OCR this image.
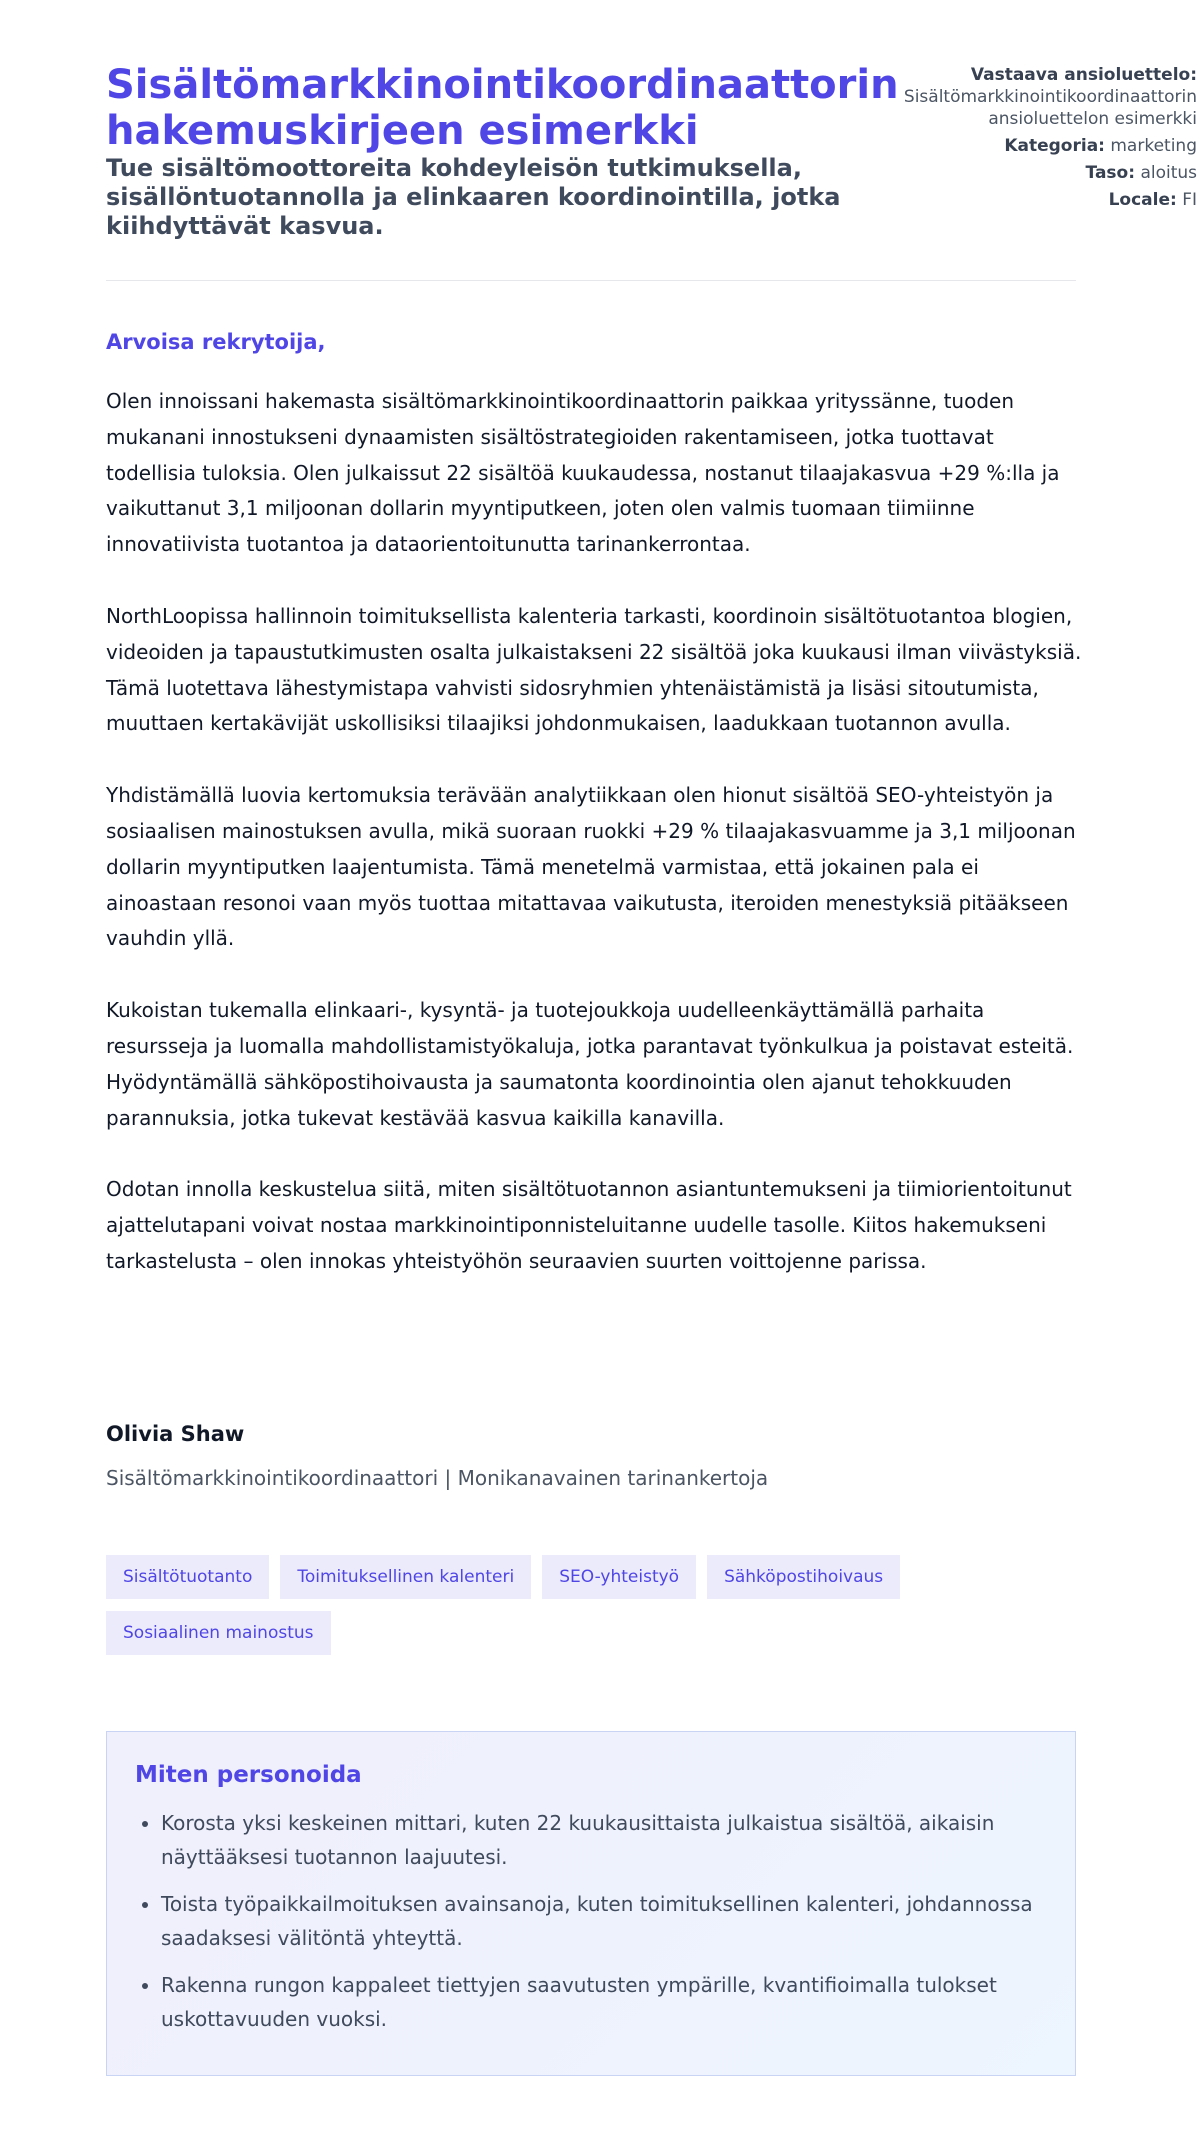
Sisältömarkkinointikoordinaattorin hakemuskirjeen esimerkki

Tue sisältömoottoreita kohdeyleisön tutkimuksella, sisällöntuotannolla ja elinkaaren koordinointilla, jotka kiihdyttävät kasvua.

Vastaava ansioluettelo:
Sisältömarkkinointikoordinaattorin ansioluettelon esimerkki
Kategoria: marketing
Taso: aloitus
Locale: FI

Arvoisa rekrytoija,

Olen innoissani hakemasta sisältömarkkinointikoordinaattorin paikkaa yrityssänne, tuoden mukanani innostukseni dynaamisten sisältöstrategioiden rakentamiseen, jotka tuottavat todellisia tuloksia. Olen julkaissut 22 sisältöä kuukaudessa, nostanut tilaajakasvua +29 %:lla ja vaikuttanut 3,1 miljoonan dollarin myyntiputkeen, joten olen valmis tuomaan tiimiinne innovatiivista tuotantoa ja dataorientoitunutta tarinankerrontaa.

NorthLoopissa hallinnoin toimituksellista kalenteria tarkasti, koordinoin sisältötuotantoa blogien, videoiden ja tapaustutkimusten osalta julkaistakseni 22 sisältöä joka kuukausi ilman viivästyksiä. Tämä luotettava lähestymistapa vahvisti sidosryhmien yhtenäistämistä ja lisäsi sitoutumista, muuttaen kertakävijät uskollisiksi tilaajiksi johdonmukaisen, laadukkaan tuotannon avulla.

Yhdistämällä luovia kertomuksia terävään analytiikkaan olen hionut sisältöä SEO-yhteistyön ja sosiaalisen mainostuksen avulla, mikä suoraan ruokki +29 % tilaajakasvuamme ja 3,1 miljoonan dollarin myyntiputken laajentumista. Tämä menetelmä varmistaa, että jokainen pala ei ainoastaan resonoi vaan myös tuottaa mitattavaa vaikutusta, iteroiden menestyksiä pitääkseen vauhdin yllä.

Kukoistan tukemalla elinkaari-, kysyntä- ja tuotejoukkoja uudelleenkäyttämällä parhaita resursseja ja luomalla mahdollistamistyökaluja, jotka parantavat työnkulkua ja poistavat esteitä. Hyödyntämällä sähköpostihoivausta ja saumatonta koordinointia olen ajanut tehokkuuden parannuksia, jotka tukevat kestävää kasvua kaikilla kanavilla.

Odotan innolla keskustelua siitä, miten sisältötuotannon asiantuntemukseni ja tiimiorientoitunut ajattelutapani voivat nostaa markkinointiponnisteluitanne uudelle tasolle. Kiitos hakemukseni tarkastelusta – olen innokas yhteistyöhön seuraavien suurten voittojenne parissa.

Olivia Shaw
Sisältömarkkinointikoordinaattori | Monikanavainen tarinankertoja
Sisältötuotanto	Toimituksellinen kalenteri	SEO-yhteistyö	Sähköpostihoivaus
Sosiaalinen mainostus
Miten personoida
• Korosta yksi keskeinen mittari, kuten 22 kuukausittaista julkaistua sisältöä, aikaisin näyttääksesi tuotannon laajuutesi.
• Toista työpaikkailmoituksen avainsanoja, kuten toimituksellinen kalenteri, johdannossa saadaksesi välitöntä yhteyttä.
• Rakenna rungon kappaleet tiettyjen saavutusten ympärille, kvantifioimalla tulokset uskottavuuden vuoksi.
